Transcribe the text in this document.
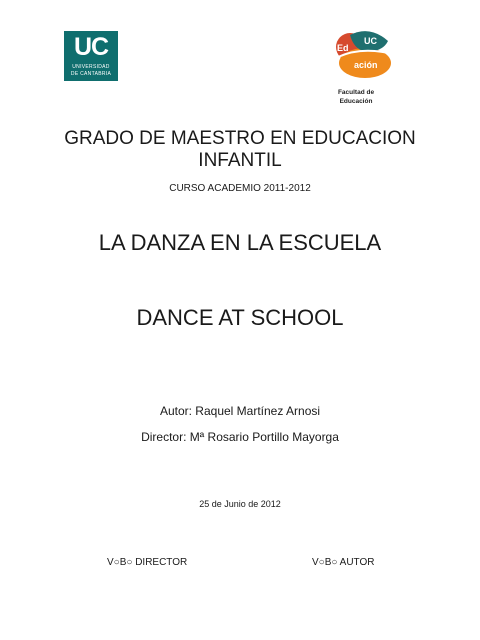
UC
UNIVERSIDAD
DE CANTABRIA
Ed
UC
ación
Facultad de
Educación
GRADO DE MAESTRO EN EDUCACION
INFANTIL
CURSO ACADEMIO 2011-2012
LA DANZA EN LA ESCUELA
DANCE AT SCHOOL
Autor: Raquel Martínez Arnosi
Director: Mª Rosario Portillo Mayorga
25 de Junio de 2012
V○B○ DIRECTOR	V○B○ AUTOR
